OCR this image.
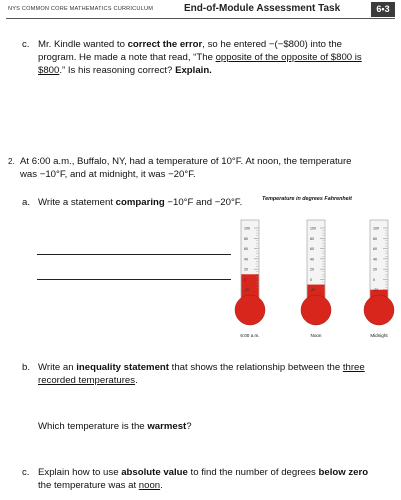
NYS COMMON CORE MATHEMATICS CURRICULUM	End-of-Module Assessment Task	6•3
c. Mr. Kindle wanted to correct the error, so he entered −(−$800) into the
program. He made a note that read, “The opposite of the opposite of $800 is
$800.” Is his reasoning correct? Explain.
2. At 6:00 a.m., Buffalo, NY, had a temperature of 10°F. At noon, the temperature
was −10°F, and at midnight, it was −20°F.
a. Write a statement comparing −10°F and −20°F.	Temperature in degrees Fahrenheit
100
80
60
40
20
0
-20
100
80
60
40
20
0
-20
100
80
60
40
20
0
-20
6:00 a.m.	Noon	Midnight
b. Write an inequality statement that shows the relationship between the three
recorded temperatures.
Which temperature is the warmest?
c. Explain how to use absolute value to find the number of degrees below zero
the temperature was at noon.
